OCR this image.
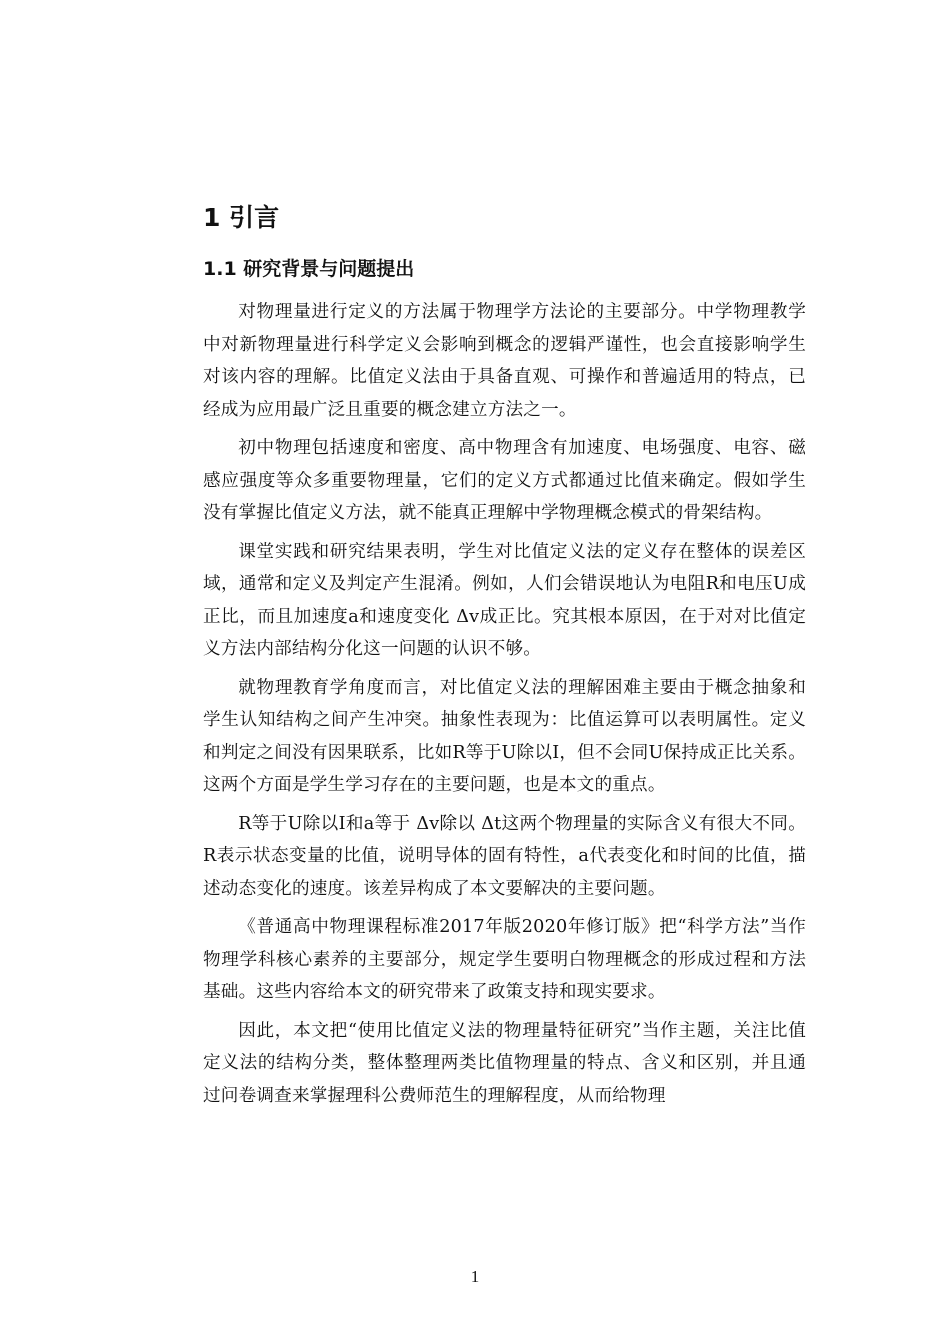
1 引言
1.1 研究背景与问题提出

对物理量进行定义的方法属于物理学方法论的主要部分。中学物理教学中对新物理量进行科学定义会影响到概念的逻辑严谨性，也会直接影响学生对该内容的理解。比值定义法由于具备直观、可操作和普遍适用的特点，已经成为应用最广泛且重要的概念建立方法之一。

初中物理包括速度和密度、高中物理含有加速度、电场强度、电容、磁感应强度等众多重要物理量，它们的定义方式都通过比值来确定。假如学生没有掌握比值定义方法，就不能真正理解中学物理概念模式的骨架结构。

课堂实践和研究结果表明，学生对比值定义法的定义存在整体的误差区域，通常和定义及判定产生混淆。例如，人们会错误地认为电阻R和电压U成正比，而且加速度a和速度变化 Δv成正比。究其根本原因，在于对对比值定义方法内部结构分化这一问题的认识不够。

就物理教育学角度而言，对比值定义法的理解困难主要由于概念抽象和学生认知结构之间产生冲突。抽象性表现为：比值运算可以表明属性。定义和判定之间没有因果联系，比如R等于U除以I，但不会同U保持成正比关系。这两个方面是学生学习存在的主要问题，也是本文的重点。

R等于U除以I和a等于 Δv除以 Δt这两个物理量的实际含义有很大不同。R表示状态变量的比值，说明导体的固有特性，a代表变化和时间的比值，描述动态变化的速度。该差异构成了本文要解决的主要问题。

《普通高中物理课程标准2017年版2020年修订版》把“科学方法”当作物理学科核心素养的主要部分，规定学生要明白物理概念的形成过程和方法基础。这些内容给本文的研究带来了政策支持和现实要求。

因此，本文把“使用比值定义法的物理量特征研究”当作主题，关注比值定义法的结构分类，整体整理两类比值物理量的特点、含义和区别，并且通过问卷调查来掌握理科公费师范生的理解程度，从而给物理

1
